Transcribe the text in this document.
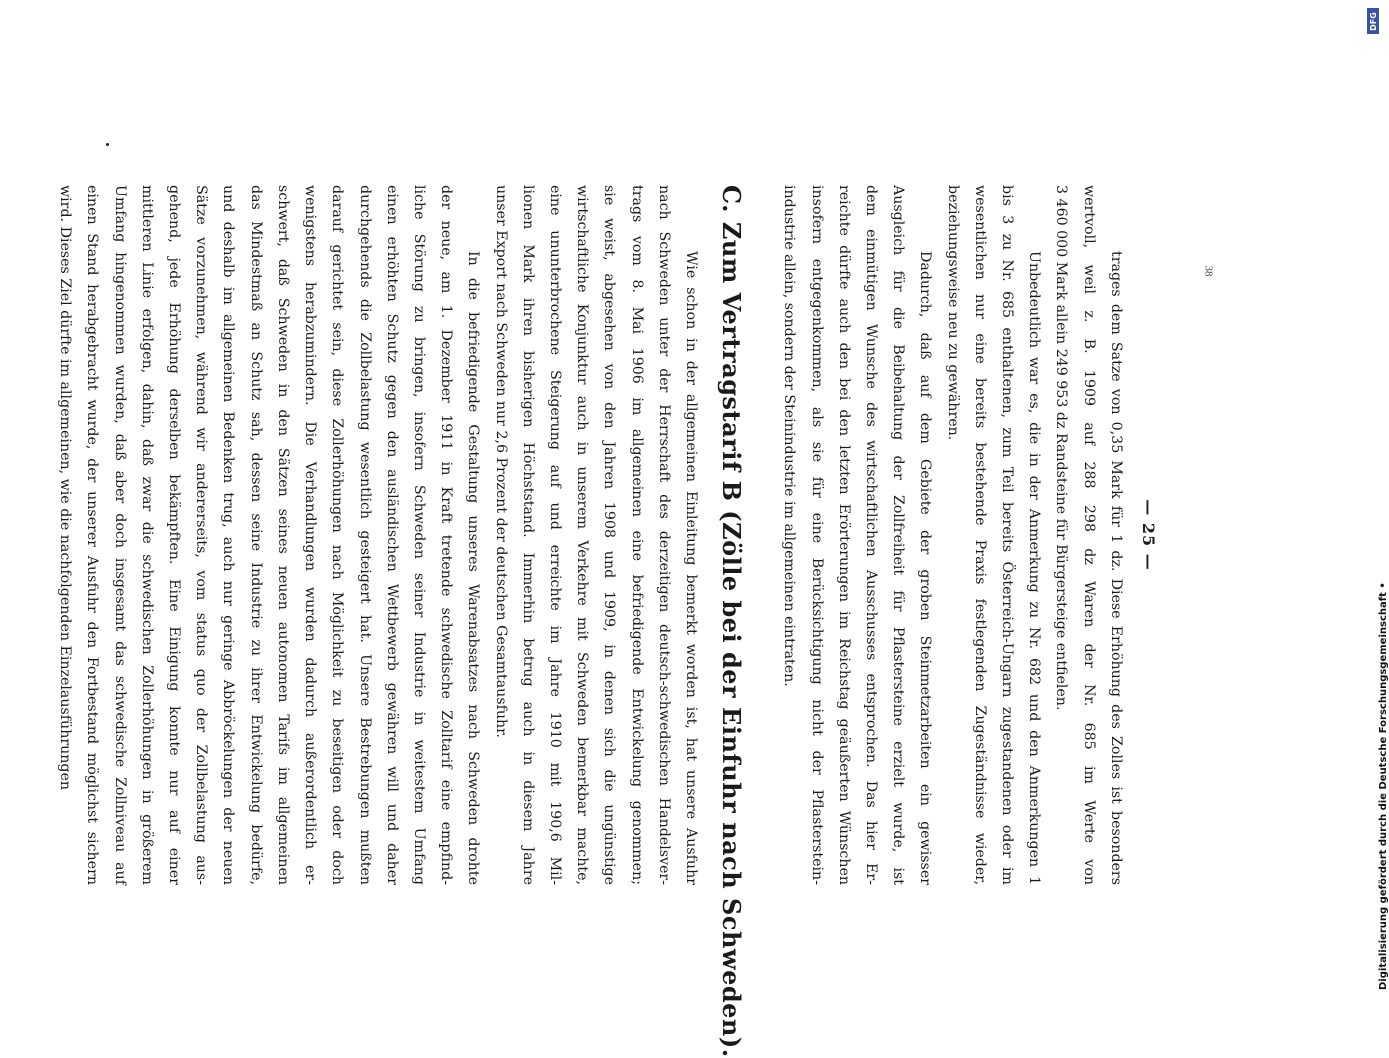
— 25 —
trages dem Satze von 0,35 Mark für 1 dz. Diese Erhöhung des Zolles ist besonders
wertvoll, weil z. B. 1909 auf 288 298 dz Waren der Nr. 685 im Werte von
3 460 000 Mark allein 249 953 dz Randsteine für Bürgersteige entfielen.
Unbedeutlich war es, die in der Anmerkung zu Nr. 682 und den Anmerkungen 1
bis 3 zu Nr. 685 enthaltenen, zum Teil bereits Österreich-Ungarn zugestandenen oder im
wesentlichen nur eine bereits bestehende Praxis festlegenden Zugeständnisse wieder,
beziehungsweise neu zu gewähren.
Dadurch, daß auf dem Gebiete der groben Steinmetzarbeiten ein gewisser
Ausgleich für die Beibehaltung der Zollfreiheit für Pflastersteine erzielt wurde, ist
dem einmütigen Wunsche des wirtschaftlichen Ausschusses entsprochen. Das hier Er-
reichte dürfte auch den bei den letzten Erörterungen im Reichstag geäußerten Wünschen
insofern entgegenkommen, als sie für eine Berücksichtigung nicht der Pflasterstein-
industrie allein, sondern der Steinindustrie im allgemeinen eintraten.
C. Zum Vertragstarif B (Zölle bei der Einfuhr nach Schweden).
Wie schon in der allgemeinen Einleitung bemerkt worden ist, hat unsere Ausfuhr
nach Schweden unter der Herrschaft des derzeitigen deutsch-schwedischen Handelsver-
trags vom 8. Mai 1906 im allgemeinen eine befriedigende Entwickelung genommen;
sie weist, abgesehen von den Jahren 1908 und 1909, in denen sich die ungünstige
wirtschaftliche Konjunktur auch in unserem Verkehre mit Schweden bemerkbar machte,
eine ununterbrochene Steigerung auf und erreichte im Jahre 1910 mit 190,6 Mil-
lionen Mark ihren bisherigen Höchststand. Immerhin betrug auch in diesem Jahre
unser Export nach Schweden nur 2,6 Prozent der deutschen Gesamtausfuhr.
In die befriedigende Gestaltung unseres Warenabsatzes nach Schweden drohte
der neue, am 1. Dezember 1911 in Kraft tretende schwedische Zolltarif eine empfind-
liche Störung zu bringen, insofern Schweden seiner Industrie in weitestem Umfang
einen erhöhten Schutz gegen den ausländischen Wettbewerb gewähren will und daher
durchgehends die Zollbelastung wesentlich gesteigert hat. Unsere Bestrebungen mußten
darauf gerichtet sein, diese Zollerhöhungen nach Möglichkeit zu beseitigen oder doch
wenigstens herabzumindern. Die Verhandlungen wurden dadurch außerordentlich er-
schwert, daß Schweden in den Sätzen seines neuen autonomen Tarifs im allgemeinen
das Mindestmaß an Schutz sah, dessen seine Industrie zu ihrer Entwickelung bedürfe,
und deshalb im allgemeinen Bedenken trug, auch nur geringe Abbröckelungen der neuen
Sätze vorzunehmen, während wir andererseits, vom status quo der Zollbelastung aus-
gehend, jede Erhöhung derselben bekämpften. Eine Einigung konnte nur auf einer
mittleren Linie erfolgen, dahin, daß zwar die schwedischen Zollerhöhungen in größerem
Umfang hingenommen wurden, daß aber doch insgesamt das schwedische Zollniveau auf
einen Stand herabgebracht wurde, der unserer Ausfuhr den Fortbestand möglichst sichern
wird. Dieses Ziel dürfte im allgemeinen, wie die nachfolgenden Einzelausführungen	38
DFG
Digitalisierung gefördert durch die Deutsche Forschungsgemeinschaft •
